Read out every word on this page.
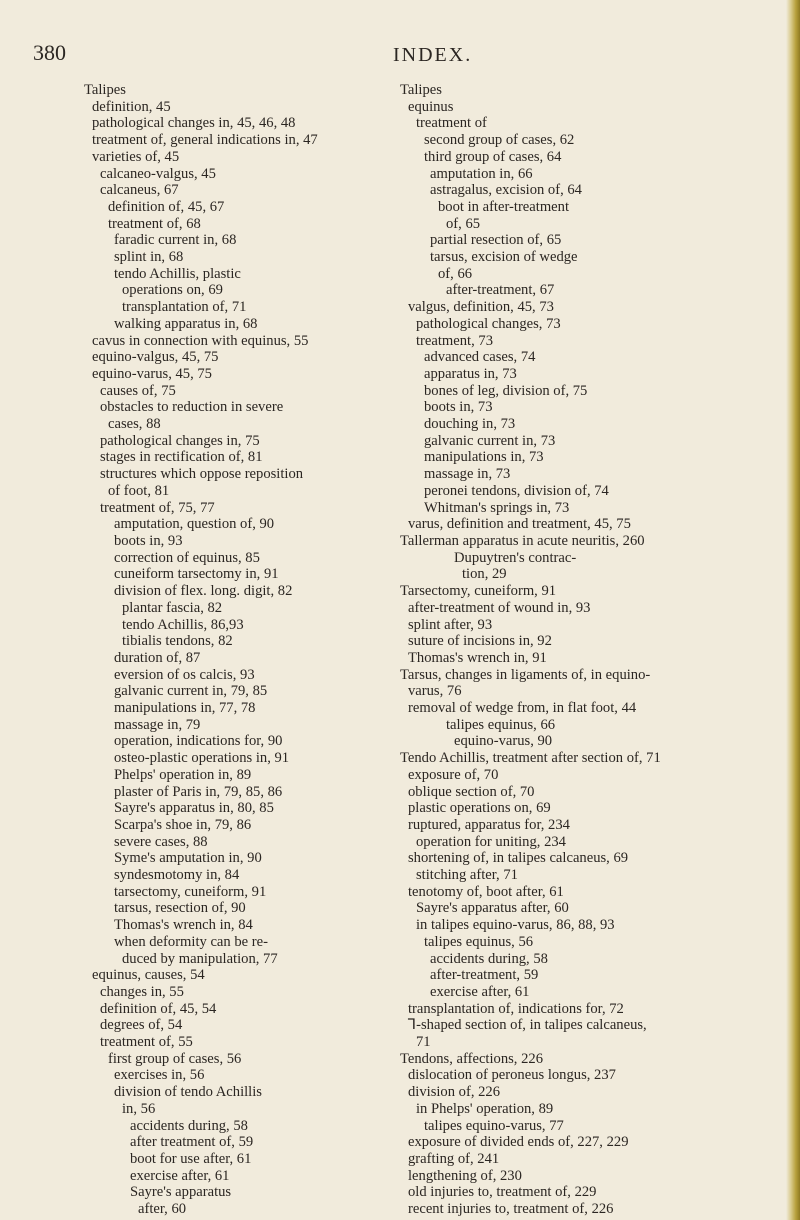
380	INDEX.
Talipes
definition, 45
pathological changes in, 45, 46, 48
treatment of, general indications in, 47
varieties of, 45
calcaneo-valgus, 45
calcaneus, 67
definition of, 45, 67
treatment of, 68
faradic current in, 68
splint in, 68
tendo Achillis, plastic
operations on, 69
transplantation of, 71
walking apparatus in, 68
cavus in connection with equinus, 55
equino-valgus, 45, 75
equino-varus, 45, 75
causes of, 75
obstacles to reduction in severe
cases, 88
pathological changes in, 75
stages in rectification of, 81
structures which oppose reposition
of foot, 81
treatment of, 75, 77
amputation, question of, 90
boots in, 93
correction of equinus, 85
cuneiform tarsectomy in, 91
division of flex. long. digit, 82
plantar fascia, 82
tendo Achillis, 86,93
tibialis tendons, 82
duration of, 87
eversion of os calcis, 93
galvanic current in, 79, 85
manipulations in, 77, 78
massage in, 79
operation, indications for, 90
osteo-plastic operations in, 91
Phelps' operation in, 89
plaster of Paris in, 79, 85, 86
Sayre's apparatus in, 80, 85
Scarpa's shoe in, 79, 86
severe cases, 88
Syme's amputation in, 90
syndesmotomy in, 84
tarsectomy, cuneiform, 91
tarsus, resection of, 90
Thomas's wrench in, 84
when deformity can be re-
duced by manipulation, 77
equinus, causes, 54
changes in, 55
definition of, 45, 54
degrees of, 54
treatment of, 55
first group of cases, 56
exercises in, 56
division of tendo Achillis
in, 56
accidents during, 58
after treatment of, 59
boot for use after, 61
exercise after, 61
Sayre's apparatus
after, 60
Talipes
equinus
treatment of
second group of cases, 62
third group of cases, 64
amputation in, 66
astragalus, excision of, 64
boot in after-treatment
of, 65
partial resection of, 65
tarsus, excision of wedge
of, 66
after-treatment, 67
valgus, definition, 45, 73
pathological changes, 73
treatment, 73
advanced cases, 74
apparatus in, 73
bones of leg, division of, 75
boots in, 73
douching in, 73
galvanic current in, 73
manipulations in, 73
massage in, 73
peronei tendons, division of, 74
Whitman's springs in, 73
varus, definition and treatment, 45, 75
Tallerman apparatus in acute neuritis, 260
Dupuytren's contrac-
tion, 29
Tarsectomy, cuneiform, 91
after-treatment of wound in, 93
splint after, 93
suture of incisions in, 92
Thomas's wrench in, 91
Tarsus, changes in ligaments of, in equino-
varus, 76
removal of wedge from, in flat foot, 44
talipes equinus, 66
equino-varus, 90
Tendo Achillis, treatment after section of, 71
exposure of, 70
oblique section of, 70
plastic operations on, 69
ruptured, apparatus for, 234
operation for uniting, 234
shortening of, in talipes calcaneus, 69
stitching after, 71
tenotomy of, boot after, 61
Sayre's apparatus after, 60
in talipes equino-varus, 86, 88, 93
talipes equinus, 56
accidents during, 58
after-treatment, 59
exercise after, 61
transplantation of, indications for, 72
⅂-shaped section of, in talipes calcaneus,
71
Tendons, affections, 226
dislocation of peroneus longus, 237
division of, 226
in Phelps' operation, 89
talipes equino-varus, 77
exposure of divided ends of, 227, 229
grafting of, 241
lengthening of, 230
old injuries to, treatment of, 229
recent injuries to, treatment of, 226
